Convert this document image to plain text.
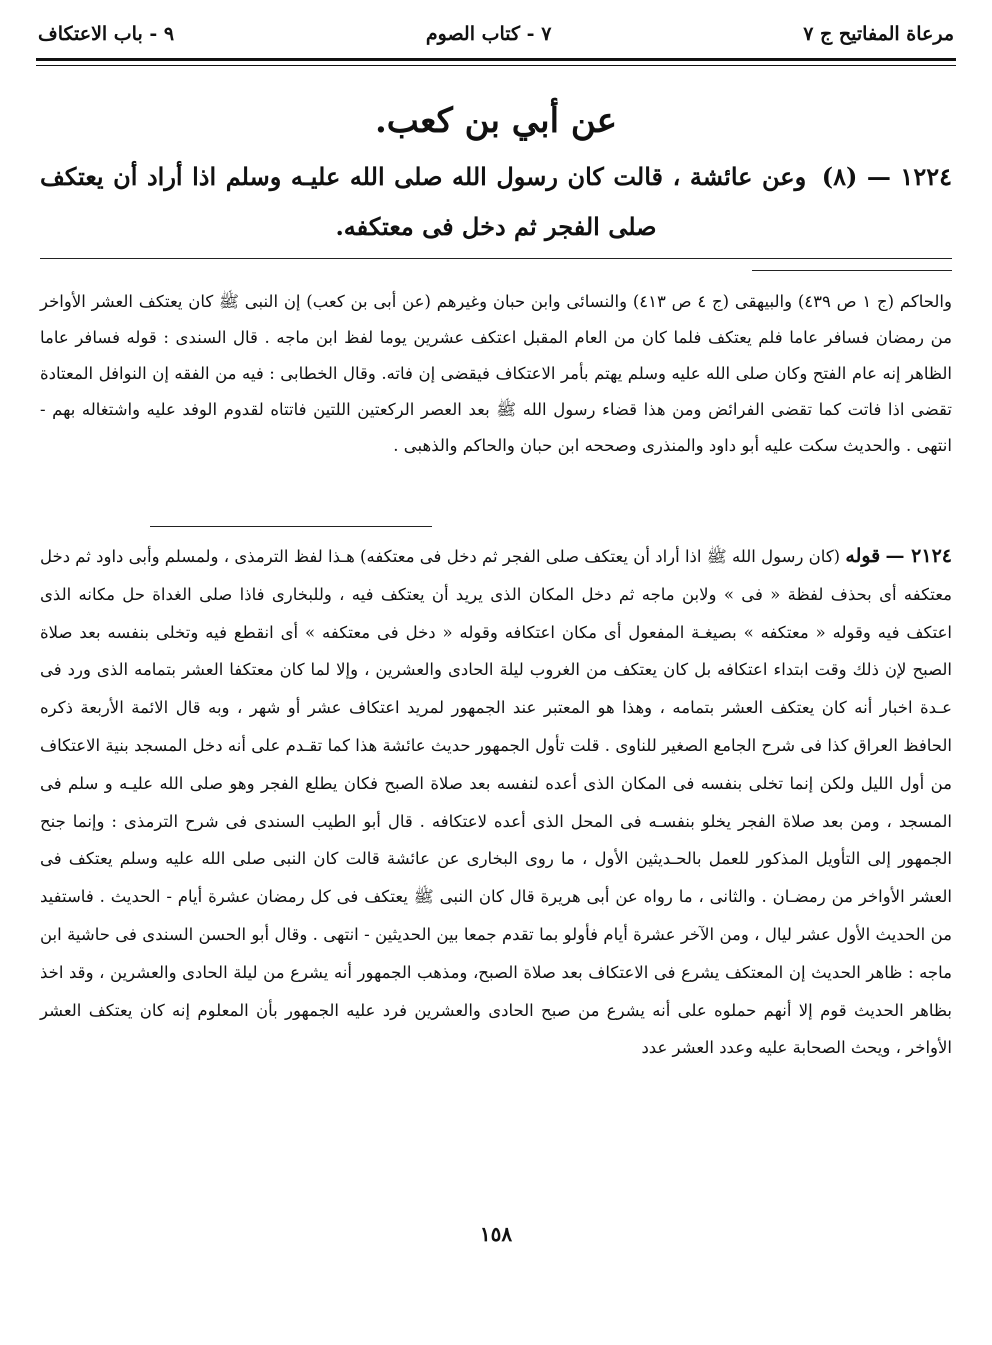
مرعاة المفاتيح ج ٧
٧ - كتاب الصوم
٩ - باب الاعتكاف
عن أبي بن كعب.
١٢٢٤ — (٨) وعن عائشة ، قالت كان رسول الله صلى الله عليـه وسلم اذا أراد أن يعتكف صلى الفجر ثم دخل فى معتكفه.

والحاكم (ج ١ ص ٤٣٩) والبيهقى (ج ٤ ص ٤١٣) والنسائى وابن حبان وغيرهم (عن أبى بن كعب) إن النبى ﷺ كان يعتكف العشر الأواخر من رمضان فسافر عاما فلم يعتكف فلما كان من العام المقبل اعتكف عشرين يوما لفظ ابن ماجه . قال السندى : قوله فسافر عاما الظاهر إنه عام الفتح وكان صلى الله عليه وسلم يهتم بأمر الاعتكاف فيقضى إن فاته. وقال الخطابى : فيه من الفقه إن النوافل المعتادة تقضى اذا فاتت كما تقضى الفرائض ومن هذا قضاء رسول الله ﷺ بعد العصر الركعتين اللتين فاتتاه لقدوم الوفد عليه واشتغاله بهم - انتهى . والحديث سكت عليه أبو داود والمنذرى وصححه ابن حبان والحاكم والذهبى .

٢١٢٤ — قوله (كان رسول الله ﷺ اذا أراد أن يعتكف صلى الفجر ثم دخل فى معتكفه) هـذا لفظ الترمذى ، ولمسلم وأبى داود ثم دخل معتكفه أى بحذف لفظة « فى » ولابن ماجه ثم دخل المكان الذى يريد أن يعتكف فيه ، وللبخارى فاذا صلى الغداة حل مكانه الذى اعتكف فيه وقوله « معتكفه » بصيغـة المفعول أى مكان اعتكافه وقوله « دخل فى معتكفه » أى انقطع فيه وتخلى بنفسه بعد صلاة الصبح لإن ذلك وقت ابتداء اعتكافه بل كان يعتكف من الغروب ليلة الحادى والعشرين ، وإلا لما كان معتكفا العشر بتمامه الذى ورد فى عـدة اخبار أنه كان يعتكف العشر بتمامه ، وهذا هو المعتبر عند الجمهور لمريد اعتكاف عشر أو شهر ، وبه قال الائمة الأربعة ذكره الحافظ العراق كذا فى شرح الجامع الصغير للناوى . قلت تأول الجمهور حديث عائشة هذا كما تقـدم على أنه دخل المسجد بنية الاعتكاف من أول الليل ولكن إنما تخلى بنفسه فى المكان الذى أعده لنفسه بعد صلاة الصبح فكان يطلع الفجر وهو صلى الله عليـه و سلم فى المسجد ، ومن بعد صلاة الفجر يخلو بنفسـه فى المحل الذى أعده لاعتكافه . قال أبو الطيب السندى فى شرح الترمذى : وإنما جنح الجمهور إلى التأويل المذكور للعمل بالحـديثين الأول ، ما روى البخارى عن عائشة قالت كان النبى صلى الله عليه وسلم يعتكف فى العشر الأواخر من رمضـان . والثانى ، ما رواه عن أبى هريرة قال كان النبى ﷺ يعتكف فى كل رمضان عشرة أيام - الحديث . فاستفيد من الحديث الأول عشر ليال ، ومن الآخر عشرة أيام فأولو بما تقدم جمعا بين الحديثين - انتهى . وقال أبو الحسن السندى فى حاشية ابن ماجه : ظاهر الحديث إن المعتكف يشرع فى الاعتكاف بعد صلاة الصبح، ومذهب الجمهور أنه يشرع من ليلة الحادى والعشرين ، وقد اخذ بظاهر الحديث قوم إلا أنهم حملوه على أنه يشرع من صبح الحادى والعشرين فرد عليه الجمهور بأن المعلوم إنه كان يعتكف العشر الأواخر ، ويحث الصحابة عليه وعدد العشر عدد

١٥٨
